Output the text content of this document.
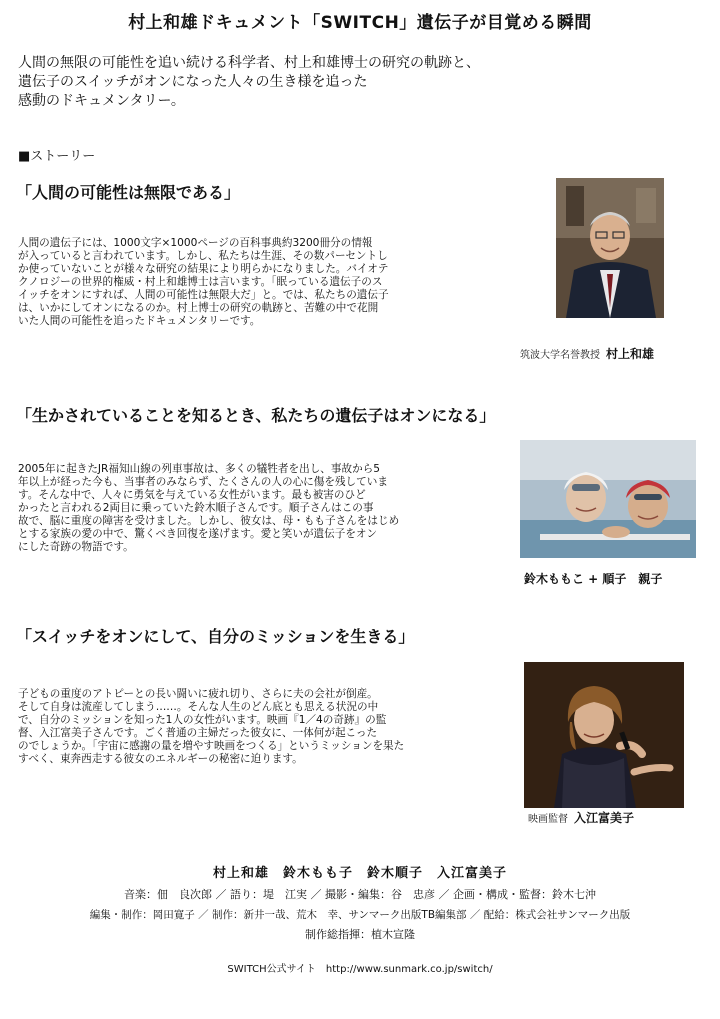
村上和雄ドキュメント「SWITCH」遺伝子が目覚める瞬間
人間の無限の可能性を追い続ける科学者、村上和雄博士の研究の軌跡と、
遺伝子のスイッチがオンになった人々の生き様を追った
感動のドキュメンタリー。
■ストーリー
「人間の可能性は無限である」
人間の遺伝子には、1000文字×1000ページの百科事典約3200冊分の情報
が入っていると言われています。しかし、私たちは生涯、その数パーセントし
か使っていないことが様々な研究の結果により明らかになりました。バイオテ
クノロジーの世界的権威・村上和雄博士は言います。「眠っている遺伝子のス
イッチをオンにすれば、人間の可能性は無限大だ」と。では、私たちの遺伝子
は、いかにしてオンになるのか。村上博士の研究の軌跡と、苦難の中で花開
いた人間の可能性を追ったドキュメンタリーです。
筑波大学名誉教授 村上和雄
「生かされていることを知るとき、私たちの遺伝子はオンになる」
2005年に起きたJR福知山線の列車事故は、多くの犠牲者を出し、事故から5
年以上が経った今も、当事者のみならず、たくさんの人の心に傷を残していま
す。そんな中で、人々に勇気を与えている女性がいます。最も被害のひど
かったと言われる2両目に乗っていた鈴木順子さんです。順子さんはこの事
故で、脳に重度の障害を受けました。しかし、彼女は、母・もも子さんをはじめ
とする家族の愛の中で、驚くべき回復を遂げます。愛と笑いが遺伝子をオン
にした奇跡の物語です。
鈴木ももこ + 順子　親子
「スイッチをオンにして、自分のミッションを生きる」
子どもの重度のアトピーとの長い闘いに疲れ切り、さらに夫の会社が倒産。
そして自身は流産してしまう……。そんな人生のどん底とも思える状況の中
で、自分のミッションを知った1人の女性がいます。映画『1／4の奇跡』の監
督、入江富美子さんです。ごく普通の主婦だった彼女に、一体何が起こった
のでしょうか。「宇宙に感謝の量を増やす映画をつくる」というミッションを果た
すべく、東奔西走する彼女のエネルギーの秘密に迫ります。
映画監督 入江富美子
村上和雄　鈴木もも子　鈴木順子　入江富美子
音楽：佃　良次郎 ／ 語り：堤　江実 ／ 撮影・編集：谷　忠彦 ／ 企画・構成・監督：鈴木七沖
編集・制作：岡田寛子 ／ 制作：新井一哉、荒木　幸、サンマーク出版TB編集部 ／ 配給：株式会社サンマーク出版
制作総指揮：植木宣隆
SWITCH公式サイト　http://www.sunmark.co.jp/switch/
